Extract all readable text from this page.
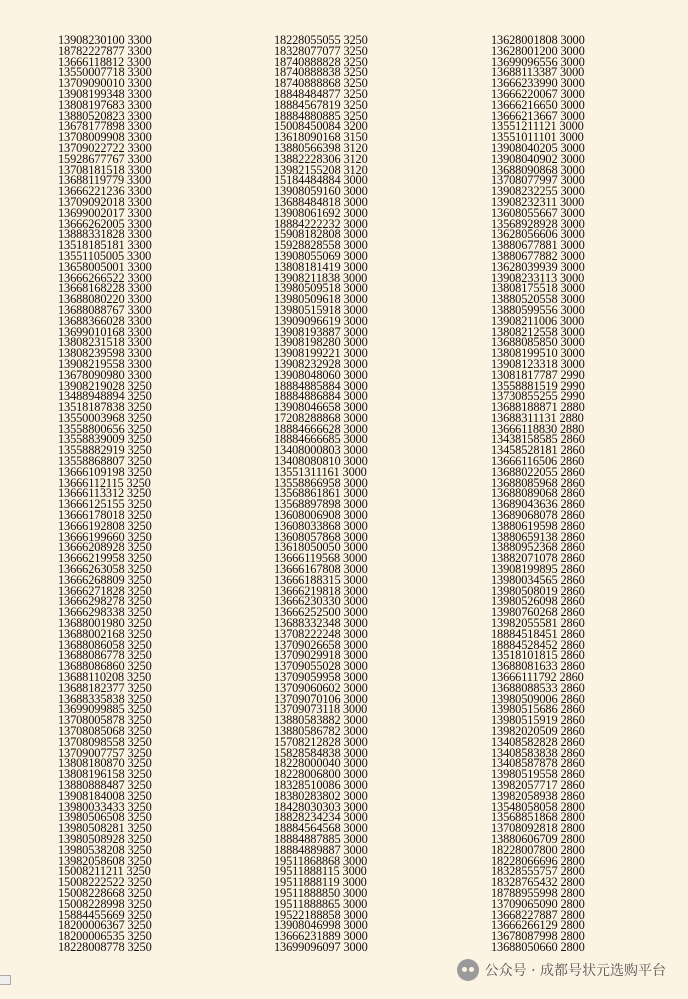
13908230100 3300
18782227877 3300
13666118812 3300
13550007718 3300
13709090010 3300
13908199348 3300
13808197683 3300
13880520823 3300
13678177898 3300
13708009908 3300
13709022722 3300
15928677767 3300
13708181518 3300
13688119779 3300
13666221236 3300
13709092018 3300
13699002017 3300
13666262005 3300
13888331828 3300
13518185181 3300
13551105005 3300
13658005001 3300
13666266522 3300
13668168228 3300
13688080220 3300
13688088767 3300
13688366028 3300
13699010168 3300
13808231518 3300
13808239598 3300
13908219558 3300
13678090980 3300
13908219028 3250
13488948894 3250
13518187838 3250
13550003968 3250
13558800656 3250
13558839009 3250
13558882919 3250
13558868807 3250
13666109198 3250
13666112115 3250
13666113312 3250
13666125155 3250
13666178018 3250
13666192808 3250
13666199660 3250
13666208928 3250
13666219958 3250
13666263058 3250
13666268809 3250
13666271828 3250
13666298278 3250
13666298338 3250
13688001980 3250
13688002168 3250
13688086058 3250
13688086778 3250
13688086860 3250
13688110208 3250
13688182377 3250
13688335838 3250
13699099885 3250
13708005878 3250
13708085068 3250
13708098558 3250
13709007757 3250
13808180870 3250
13808196158 3250
13880888487 3250
13908184008 3250
13980033433 3250
13980506508 3250
13980508281 3250
13980508928 3250
13980538208 3250
13982058608 3250
15008211211 3250
15008222522 3250
15008228668 3250
15008228998 3250
15884455669 3250
18200006367 3250
18200006535 3250
18228008778 3250
18228055055 3250
18328077077 3250
18740888828 3250
18740888838 3250
18740888868 3250
18848484877 3250
18884567819 3250
18884880885 3250
15008450084 3200
13618090168 3150
13880566398 3120
13882228306 3120
13982155208 3120
15184484884 3000
13908059160 3000
13688484818 3000
13908061692 3000
18884222232 3000
15908182808 3000
15928828558 3000
13908055069 3000
13808181419 3000
13908211838 3000
13980509518 3000
13980509618 3000
13980515918 3000
13909096619 3000
13908193887 3000
13908198280 3000
13908199221 3000
13908232928 3000
13908048060 3000
18884885884 3000
18884886884 3000
13908046658 3000
17208288868 3000
18884666628 3000
18884666685 3000
13408000803 3000
13408080810 3000
13551311161 3000
13558866958 3000
13568861861 3000
13568897898 3000
13608006908 3000
13608033868 3000
13608057868 3000
13618050050 3000
13666119568 3000
13666167808 3000
13666188315 3000
13666219818 3000
13666230330 3000
13666252500 3000
13688332348 3000
13708222248 3000
13709026658 3000
13709029918 3000
13709055028 3000
13709059958 3000
13709060602 3000
13709070106 3000
13709073118 3000
13880583882 3000
13880586782 3000
15708212828 3000
15828584838 3000
18228000040 3000
18228006800 3000
18328510086 3000
18380283802 3000
18428030303 3000
18828234234 3000
18884564568 3000
18884887885 3000
18884889887 3000
19511868868 3000
19511888115 3000
19511888119 3000
19511888850 3000
19511888865 3000
19522188858 3000
13908046998 3000
13666231889 3000
13699096097 3000
13628001808 3000
13628001200 3000
13699096556 3000
13688113387 3000
13666233990 3000
13666220067 3000
13666216650 3000
13666213667 3000
13551211121 3000
13551011101 3000
13908040205 3000
13908040902 3000
13688090868 3000
13708077997 3000
13908232255 3000
13908232311 3000
13608055667 3000
13568928928 3000
13628056606 3000
13880677881 3000
13880677882 3000
13628039939 3000
13908233113 3000
13808175518 3000
13880520558 3000
13880599556 3000
13908211006 3000
13808212558 3000
13688085850 3000
13808199510 3000
13908123318 3000
13081817787 2990
13558881519 2990
13730855255 2990
13688188871 2880
13688311131 2880
13666118830 2880
13438158585 2860
13458528181 2860
13666116506 2860
13688022055 2860
13688085968 2860
13688089068 2860
13689043636 2860
13689068078 2860
13880619598 2860
13880659138 2860
13880952368 2860
13882071078 2860
13908199895 2860
13980034565 2860
13980508019 2860
13980526098 2860
13980760268 2860
13982055581 2860
18884518451 2860
18884528452 2860
13518101815 2860
13688081633 2860
13666111792 2860
13688088533 2860
13980509006 2860
13980515686 2860
13980515919 2860
13982020509 2860
13408582828 2860
13408583838 2860
13408587878 2860
13980519558 2860
13982057717 2860
13982058938 2860
13548058058 2800
13568851868 2800
13708092818 2800
13880606709 2800
18228007800 2800
18228066696 2800
18328555757 2800
18328765432 2800
18788955998 2800
13709065090 2800
13668227887 2800
13666266129 2800
13678087998 2800
13688050660 2800
公众号 · 成都号状元选购平台
